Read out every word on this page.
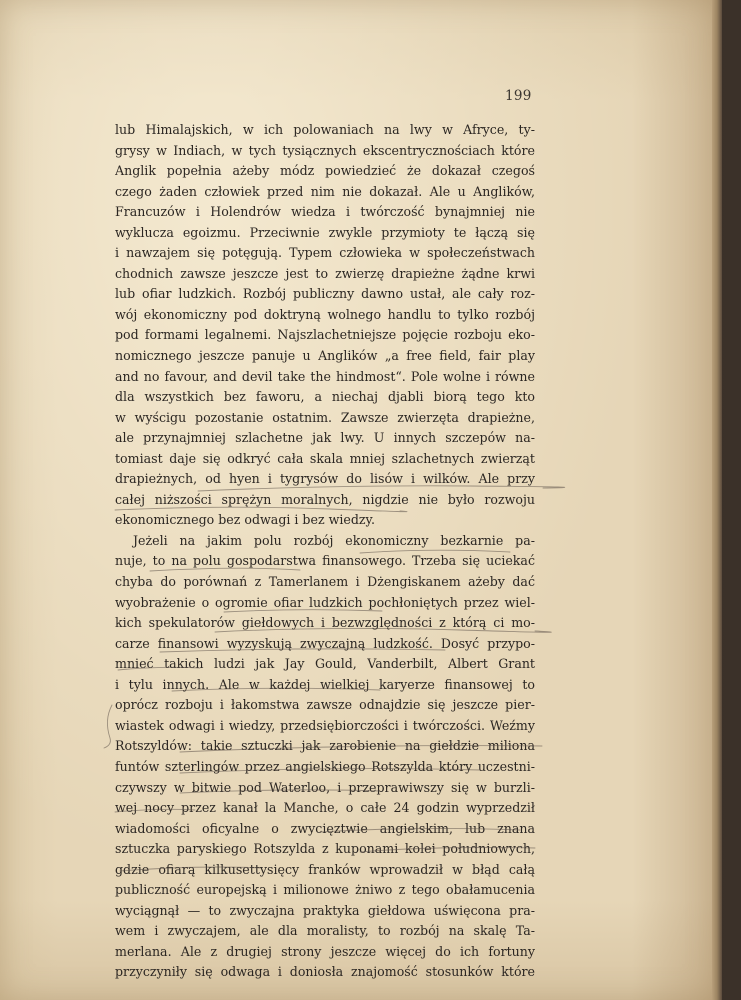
199
lub Himalajskich, w ich polowaniach na lwy w Afryce, ty-
grysy w Indiach, w tych tysiącznych ekscentrycznościach które
Anglik popełnia ażeby módz powiedzieć że dokazał czegoś
czego żaden człowiek przed nim nie dokazał. Ale u Anglików,
Francuzów i Holendrów wiedza i twórczość bynajmniej nie
wyklucza egoizmu. Przeciwnie zwykle przymioty te łączą się
i nawzajem się potęgują. Typem człowieka w społeczeństwach
chodnich zawsze jeszcze jest to zwierzę drapieżne żądne krwi
lub ofiar ludzkich. Rozbój publiczny dawno ustał, ale cały roz-
wój ekonomiczny pod doktryną wolnego handlu to tylko rozbój
pod formami legalnemi. Najszlachetniejsze pojęcie rozboju eko-
nomicznego jeszcze panuje u Anglików „a free field, fair play
and no favour, and devil take the hindmost“. Pole wolne i równe
dla wszystkich bez faworu, a niechaj djabli biorą tego kto
w wyścigu pozostanie ostatnim. Zawsze zwierzęta drapieżne,
ale przynajmniej szlachetne jak lwy. U innych szczepów na-
tomiast daje się odkryć cała skala mniej szlachetnych zwierząt
drapieżnych, od hyen i tygrysów do lisów i wilków. Ale przy
całej niższości sprężyn moralnych, nigdzie nie było rozwoju
ekonomicznego bez odwagi i bez wiedzy.
Jeżeli na jakim polu rozbój ekonomiczny bezkarnie pa-
nuje, to na polu gospodarstwa finansowego. Trzeba się uciekać
chyba do porównań z Tamerlanem i Dżengiskanem ażeby dać
wyobrażenie o ogromie ofiar ludzkich pochłoniętych przez wiel-
kich spekulatorów giełdowych i bezwzględności z którą ci mo-
carze finansowi wyzyskują zwyczajną ludzkość. Dosyć przypo-
mnieć takich ludzi jak Jay Gould, Vanderbilt, Albert Grant
i tylu innych. Ale w każdej wielkiej karyerze finansowej to
oprócz rozboju i łakomstwa zawsze odnajdzie się jeszcze pier-
wiastek odwagi i wiedzy, przedsiębiorczości i twórczości. Weźmy
Rotszyldów: takie sztuczki jak zarobienie na giełdzie miliona
funtów szterlingów przez angielskiego Rotszylda który uczestni-
czywszy w bitwie pod Waterloo, i przeprawiwszy się w burzli-
wej nocy przez kanał la Manche, o całe 24 godzin wyprzedził
wiadomości oficyalne o zwycięztwie angielskim, lub znana
sztuczka paryskiego Rotszylda z kuponami kolei południowych,
gdzie ofiarą kilkusettysięcy franków wprowadził w błąd całą
publiczność europejską i milionowe żniwo z tego obałamucenia
wyciągnął — to zwyczajna praktyka giełdowa uświęcona pra-
wem i zwyczajem, ale dla moralisty, to rozbój na skalę Ta-
merlana. Ale z drugiej strony jeszcze więcej do ich fortuny
przyczyniły się odwaga i doniosła znajomość stosunków które
